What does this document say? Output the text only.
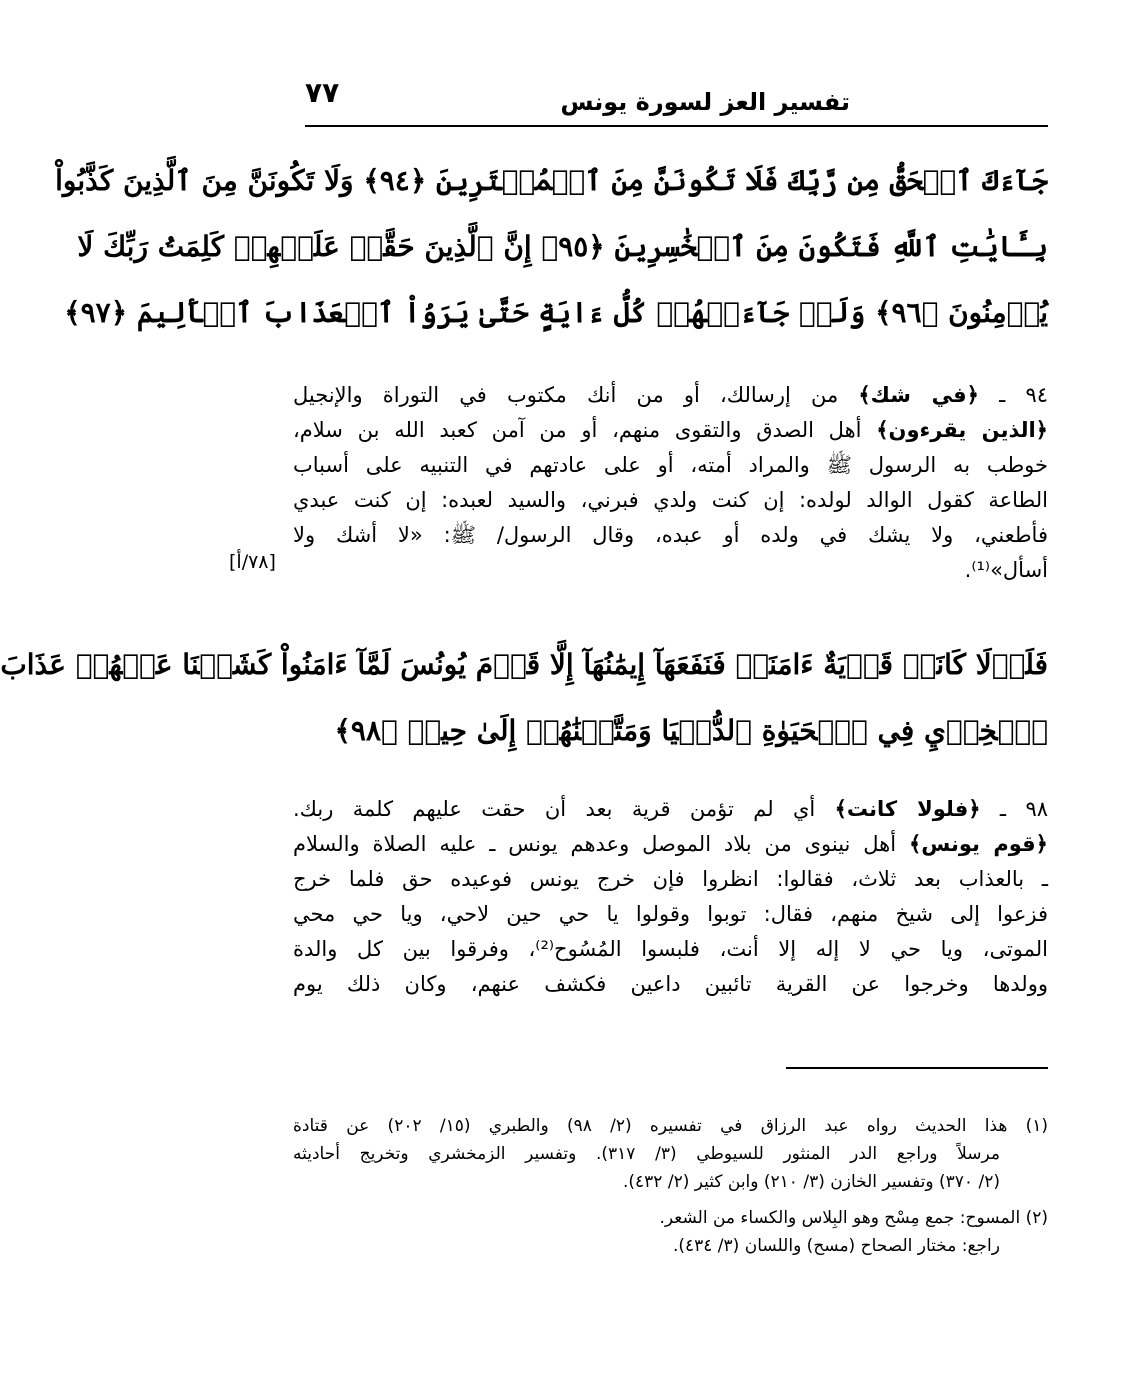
٧٧	تفسير العز لسورة يونس
جَآءَكَ ٱلۡحَقُّ مِن رَّبِّكَ فَلَا تَكُونَنَّ مِنَ ٱلۡمُمۡتَرِينَ ﴿٩٤﴾ وَلَا تَكُونَنَّ مِنَ ٱلَّذِينَ كَذَّبُواْ
بِـَٔايَٰتِ ٱللَّهِ فَتَكُونَ مِنَ ٱلۡخَٰسِرِينَ ﴿٩٥﴾ إِنَّ ٱلَّذِينَ حَقَّتۡ عَلَيۡهِمۡ كَلِمَتُ رَبِّكَ لَا
يُؤۡمِنُونَ ﴿٩٦﴾ وَلَوۡ جَآءَتۡهُمۡ كُلُّ ءَايَةٍ حَتَّىٰ يَرَوُاْ ٱلۡعَذَابَ ٱلۡأَلِيمَ ﴿٩٧﴾
٩٤ ـ ﴿في شك﴾ من إرسالك، أو من أنك مكتوب في التوراة والإنجيل
﴿الذين يقرءون﴾ أهل الصدق والتقوى منهم، أو من آمن كعبد الله بن سلام،
خوطب به الرسول ﷺ والمراد أمته، أو على عادتهم في التنبيه على أسباب
الطاعة كقول الوالد لولده: إن كنت ولدي فبرني، والسيد لعبده: إن كنت عبدي
فأطعني، ولا يشك في ولده أو عبده، وقال الرسول/ ﷺ: «لا أشك ولا
أسأل»⁽¹⁾.
[٧٨/أ]
فَلَوۡلَا كَانَتۡ قَرۡيَةٌ ءَامَنَتۡ فَنَفَعَهَآ إِيمَٰنُهَآ إِلَّا قَوۡمَ يُونُسَ لَمَّآ ءَامَنُواْ كَشَفۡنَا عَنۡهُمۡ عَذَابَ
ٱلۡخِزۡيِ فِي ٱلۡحَيَوٰةِ ٱلدُّنۡيَا وَمَتَّعۡنَٰهُمۡ إِلَىٰ حِينٖ ﴿٩٨﴾
٩٨ ـ ﴿فلولا كانت﴾ أي لم تؤمن قرية بعد أن حقت عليهم كلمة ربك.
﴿قوم يونس﴾ أهل نينوى من بلاد الموصل وعدهم يونس ـ عليه الصلاة والسلام
ـ بالعذاب بعد ثلاث، فقالوا: انظروا فإن خرج يونس فوعيده حق فلما خرج
فزعوا إلى شيخ منهم، فقال: توبوا وقولوا يا حي حين لاحي، ويا حي محي
الموتى، ويا حي لا إله إلا أنت، فلبسوا المُسُوح⁽²⁾، وفرقوا بين كل والدة
وولدها وخرجوا عن القرية تائبين داعين فكشف عنهم، وكان ذلك يوم
(١) هذا الحديث رواه عبد الرزاق في تفسيره (٢/ ٩٨) والطبري (١٥/ ٢٠٢) عن قتادة
مرسلاً وراجع الدر المنثور للسيوطي (٣/ ٣١٧). وتفسير الزمخشري وتخريج أحاديثه
(٢/ ٣٧٠) وتفسير الخازن (٣/ ٢١٠) وابن كثير (٢/ ٤٣٢).
(٢) المسوح: جمع مِسْح وهو البِلاس والكساء من الشعر.
راجع: مختار الصحاح (مسح) واللسان (٣/ ٤٣٤).
